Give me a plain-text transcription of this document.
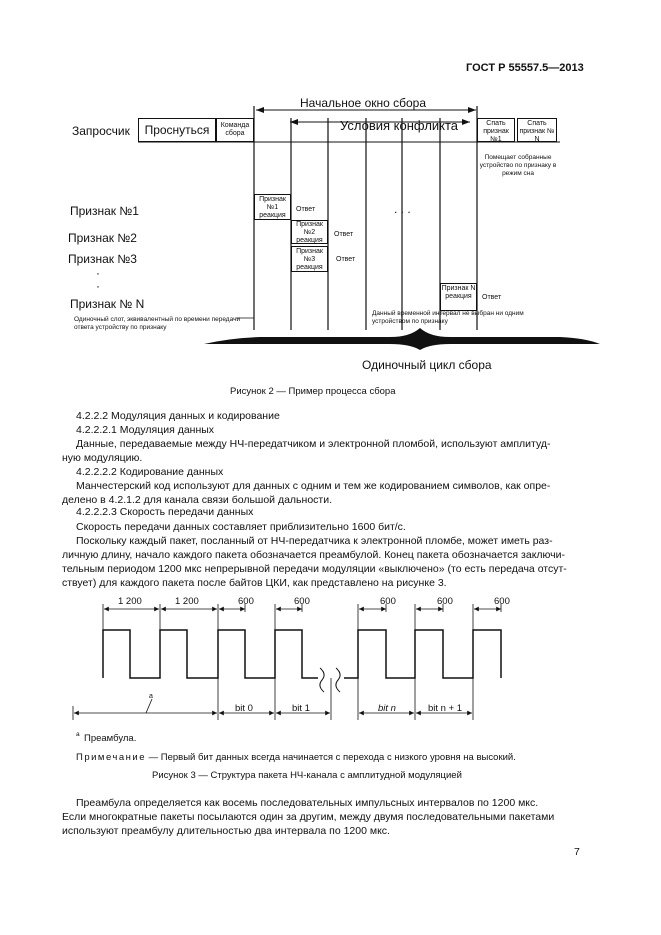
ГОСТ Р 55557.5—2013
Начальное окно сбора
Условия конфликта
Запросчик	Проснуться	Команда сбора
Спать признак №1
Спать признак № N
Помещает собранные устройство по признаку в режим сна
Признак №1
Признак №2
Признак №3
·
·
Признак № N
Признак №1 реакция
Признак №2 реакция
Признак №3 реакция
Признак N реакция
Ответ
Ответ
Ответ
Ответ
. . .
Одиночный слот, эквивалентный по времени передачи ответа устройству по признаку
Данный временной интервал не выбран ни одним устройством по признаку
Одиночный цикл сбора
Рисунок 2 — Пример процесса сбора
4.2.2.2 Модуляция данных и кодирование
4.2.2.2.1 Модуляция данных
Данные, передаваемые между НЧ-передатчиком и электронной пломбой, используют амплитуд-
ную модуляцию.
4.2.2.2.2 Кодирование данных
Манчестерский код используют для данных с одним и тем же кодированием символов, как опре-
делено в 4.2.1.2 для канала связи большой дальности.
4.2.2.2.3 Скорость передачи данных
Скорость передачи данных составляет приблизительно 1600 бит/с.
Поскольку каждый пакет, посланный от НЧ-передатчика к электронной пломбе, может иметь раз-
личную длину, начало каждого пакета обозначается преамбулой. Конец пакета обозначается заключи-
тельным периодом 1200 мкс непрерывной передачи модуляции «выключено» (то есть передача отсут-
ствует) для каждого пакета после байтов ЦКИ, как представлено на рисунке 3.
1 200	1 200	600	600	600	600	600
a
bit 0	bit 1	bit n	bit n + 1
a Преамбула.
Примечание — Первый бит данных всегда начинается с перехода с низкого уровня на высокий.
Рисунок 3 — Структура пакета НЧ-канала с амплитудной модуляцией
Преамбула определяется как восемь последовательных импульсных интервалов по 1200 мкс.
Если многократные пакеты посылаются один за другим, между двумя последовательными пакетами
используют преамбулу длительностью два интервала по 1200 мкс.
7
